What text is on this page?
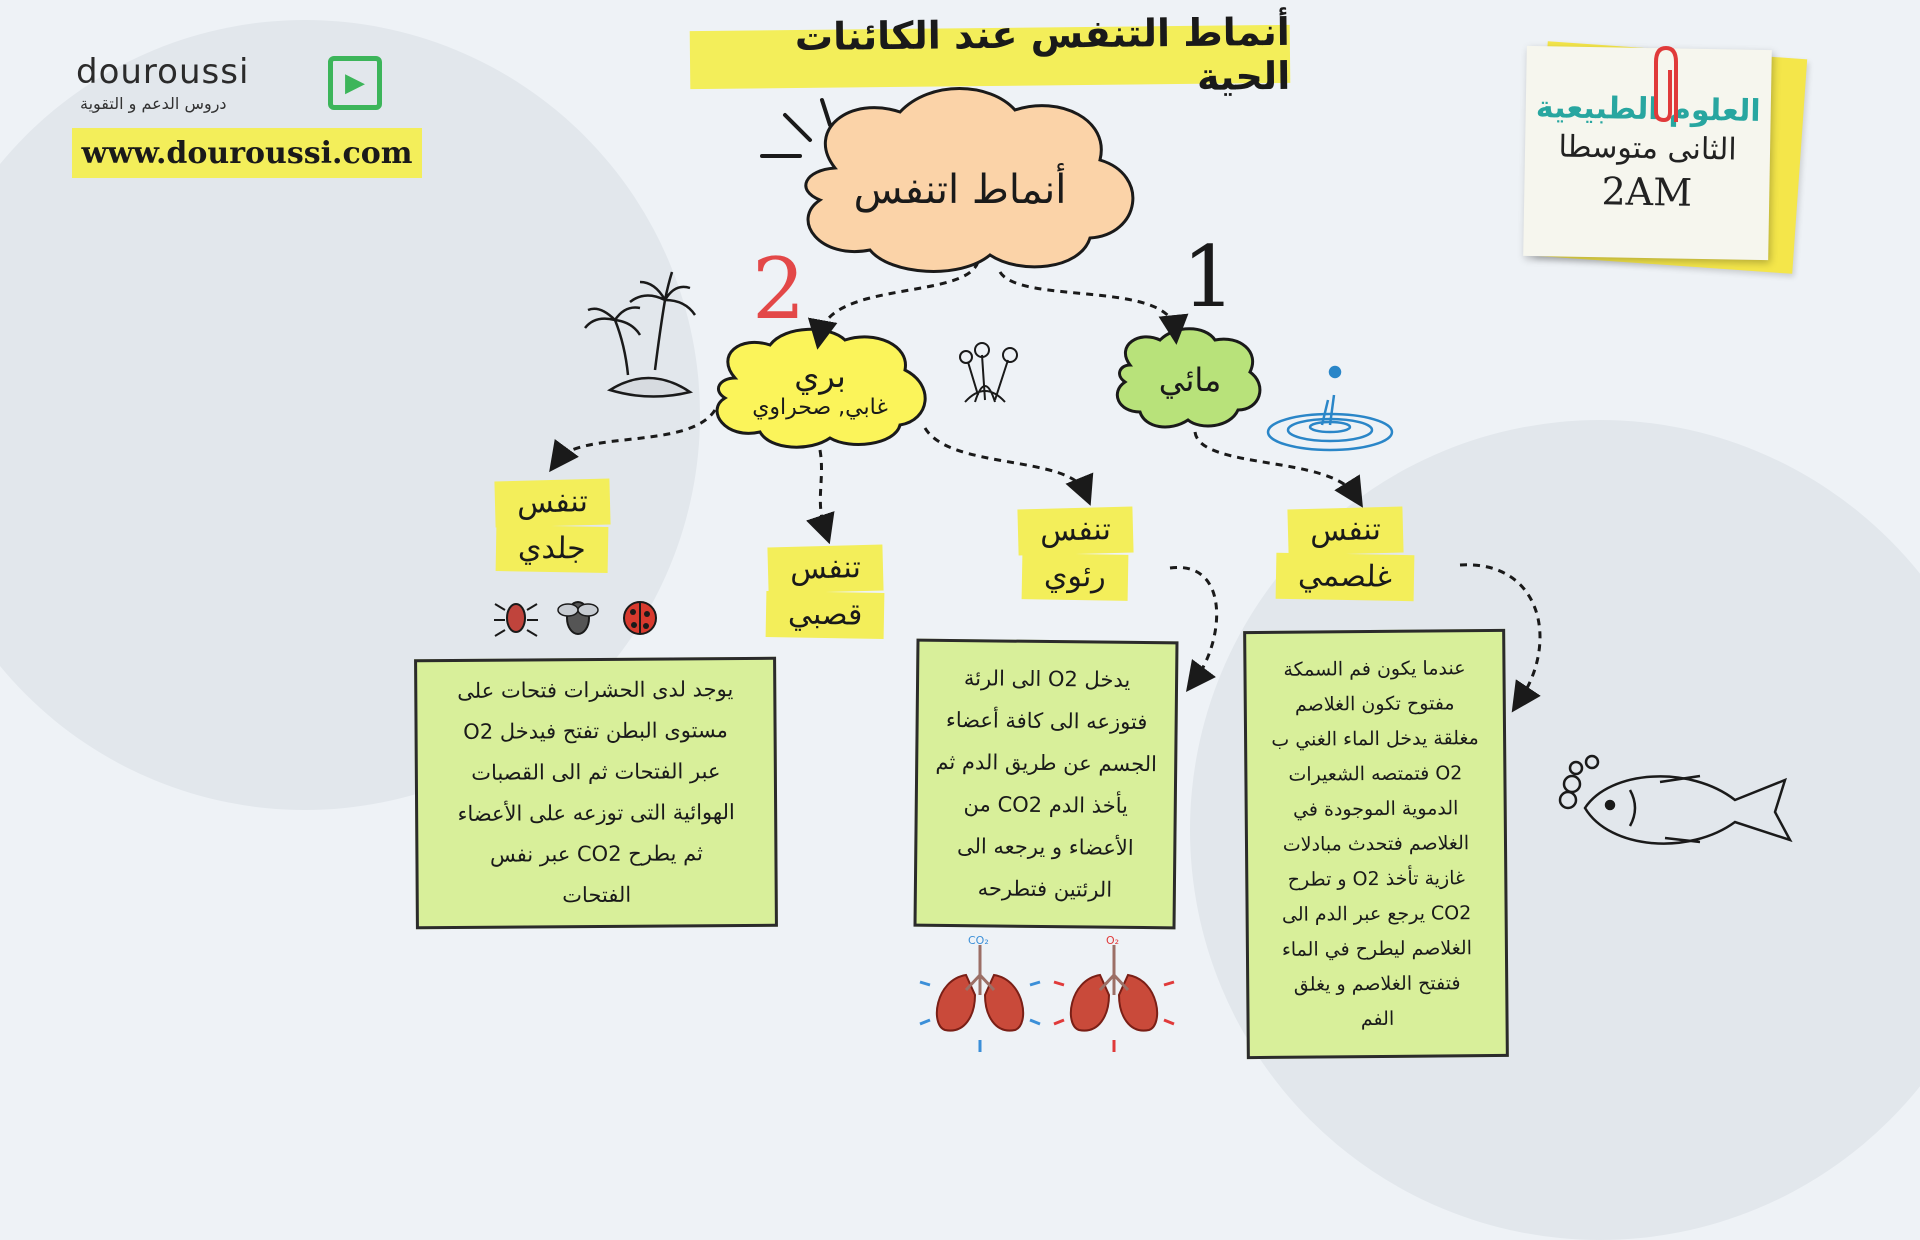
douroussi
دروس الدعم و التقوية
▶
www.douroussi.com
أنماط التنفس عند الكائنات الحية
العلوم الطبيعية
الثانى متوسطا
2AM
CO₂	O₂
أنماط اتنفس
1
2
بري
غابي, صحراوي
مائي
تنفس
غلصمي
تنفس
رئوي
تنفس
قصبي
تنفس
جلدي

عندما يكون فم السمكة

مفتوح تكون الغلاصم

مغلقة يدخل الماء الغني ب

O2 فتمتصه الشعيرات

الدموية الموجودة في

الغلاصم فتحدث مبادلات

غازية تأخذ O2 و تطرح

CO2 يرجع عبر الدم الى

الغلاصم ليطرح في الماء

فتفتح الغلاصم و يغلق

الفم

يدخل O2 الى الرئة

فتوزعه الى كافة أعضاء

الجسم عن طريق الدم ثم

يأخذ الدم CO2 من

الأعضاء و يرجعه الى

الرئتين فتطرحه

يوجد لدى الحشرات فتحات على

مستوى البطن تفتح فيدخل O2

عبر الفتحات ثم الى القصبات

الهوائية التى توزعه على الأعضاء

ثم يطرح CO2 عبر نفس

الفتحات
